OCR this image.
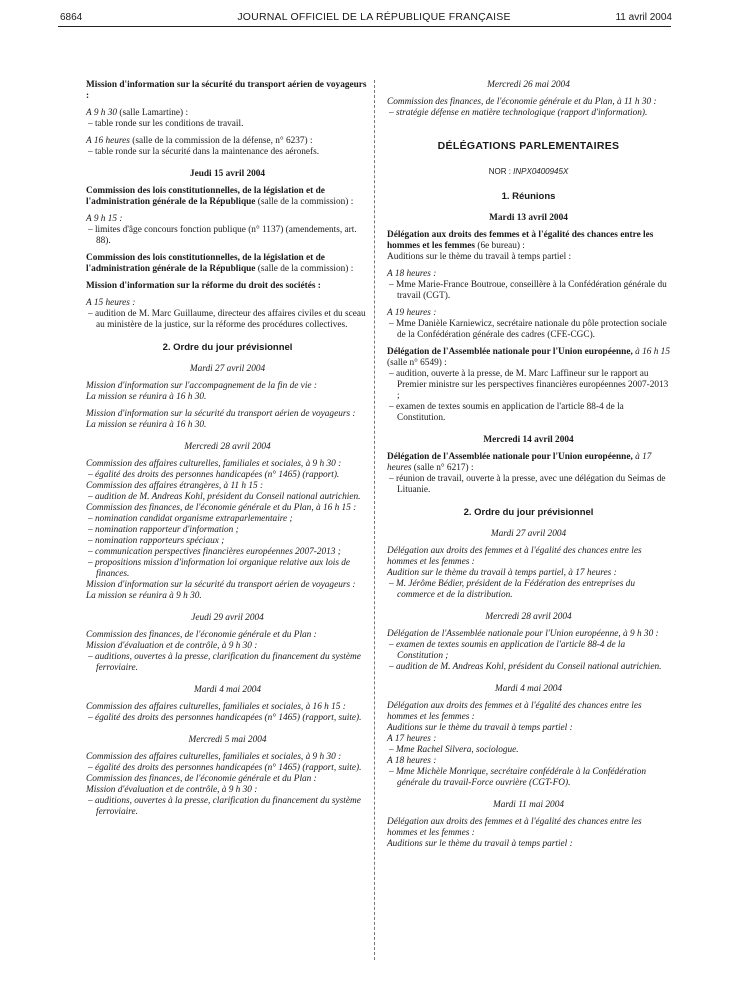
6864	JOURNAL OFFICIEL DE LA RÉPUBLIQUE FRANÇAISE	11 avril 2004

Mission d'information sur la sécurité du transport aérien de voyageurs :

A 9 h 30 (salle Lamartine) :

– table ronde sur les conditions de travail.

A 16 heures (salle de la commission de la défense, n° 6237) :

– table ronde sur la sécurité dans la maintenance des aéronefs.

Jeudi 15 avril 2004

Commission des lois constitutionnelles, de la législation et de l'administration générale de la République (salle de la commission) :

A 9 h 15 :

– limites d'âge concours fonction publique (n° 1137) (amendements, art. 88).

Commission des lois constitutionnelles, de la législation et de l'administration générale de la République (salle de la commission) :

Mission d'information sur la réforme du droit des sociétés :

A 15 heures :

– audition de M. Marc Guillaume, directeur des affaires civiles et du sceau au ministère de la justice, sur la réforme des procédures collectives.

2. Ordre du jour prévisionnel

Mardi 27 avril 2004

Mission d'information sur l'accompagnement de la fin de vie :

La mission se réunira à 16 h 30.

Mission d'information sur la sécurité du transport aérien de voyageurs :

La mission se réunira à 16 h 30.

Mercredi 28 avril 2004

Commission des affaires culturelles, familiales et sociales, à 9 h 30 :

– égalité des droits des personnes handicapées (n° 1465) (rapport).

Commission des affaires étrangères, à 11 h 15 :

– audition de M. Andreas Kohl, président du Conseil national autrichien.

Commission des finances, de l'économie générale et du Plan, à 16 h 15 :

– nomination candidat organisme extraparlementaire ;

– nomination rapporteur d'information ;

– nomination rapporteurs spéciaux ;

– communication perspectives financières européennes 2007-2013 ;

– propositions mission d'information loi organique relative aux lois de finances.

Mission d'information sur la sécurité du transport aérien de voyageurs :

La mission se réunira à 9 h 30.

Jeudi 29 avril 2004

Commission des finances, de l'économie générale et du Plan :

Mission d'évaluation et de contrôle, à 9 h 30 :

– auditions, ouvertes à la presse, clarification du financement du système ferroviaire.

Mardi 4 mai 2004

Commission des affaires culturelles, familiales et sociales, à 16 h 15 :

– égalité des droits des personnes handicapées (n° 1465) (rapport, suite).

Mercredi 5 mai 2004

Commission des affaires culturelles, familiales et sociales, à 9 h 30 :

– égalité des droits des personnes handicapées (n° 1465) (rapport, suite).

Commission des finances, de l'économie générale et du Plan :

Mission d'évaluation et de contrôle, à 9 h 30 :

– auditions, ouvertes à la presse, clarification du financement du système ferroviaire.

Mercredi 26 mai 2004

Commission des finances, de l'économie générale et du Plan, à 11 h 30 :

– stratégie défense en matière technologique (rapport d'information).

DÉLÉGATIONS PARLEMENTAIRES

NOR : INPX0400945X

1. Réunions

Mardi 13 avril 2004

Délégation aux droits des femmes et à l'égalité des chances entre les hommes et les femmes (6e bureau) :

Auditions sur le thème du travail à temps partiel :

A 18 heures :

– Mme Marie-France Boutroue, conseillère à la Confédération générale du travail (CGT).

A 19 heures :

– Mme Danièle Karniewicz, secrétaire nationale du pôle protection sociale de la Confédération générale des cadres (CFE-CGC).

Délégation de l'Assemblée nationale pour l'Union européenne, à 16 h 15 (salle n° 6549) :

– audition, ouverte à la presse, de M. Marc Laffineur sur le rapport au Premier ministre sur les perspectives financières européennes 2007-2013 ;

– examen de textes soumis en application de l'article 88-4 de la Constitution.

Mercredi 14 avril 2004

Délégation de l'Assemblée nationale pour l'Union européenne, à 17 heures (salle n° 6217) :

– réunion de travail, ouverte à la presse, avec une délégation du Seimas de Lituanie.

2. Ordre du jour prévisionnel

Mardi 27 avril 2004

Délégation aux droits des femmes et à l'égalité des chances entre les hommes et les femmes :

Audition sur le thème du travail à temps partiel, à 17 heures :

– M. Jérôme Bédier, président de la Fédération des entreprises du commerce et de la distribution.

Mercredi 28 avril 2004

Délégation de l'Assemblée nationale pour l'Union européenne, à 9 h 30 :

– examen de textes soumis en application de l'article 88-4 de la Constitution ;

– audition de M. Andreas Kohl, président du Conseil national autrichien.

Mardi 4 mai 2004

Délégation aux droits des femmes et à l'égalité des chances entre les hommes et les femmes :

Auditions sur le thème du travail à temps partiel :

A 17 heures :

– Mme Rachel Silvera, sociologue.

A 18 heures :

– Mme Michèle Monrique, secrétaire confédérale à la Confédération générale du travail-Force ouvrière (CGT-FO).

Mardi 11 mai 2004

Délégation aux droits des femmes et à l'égalité des chances entre les hommes et les femmes :

Auditions sur le thème du travail à temps partiel :
